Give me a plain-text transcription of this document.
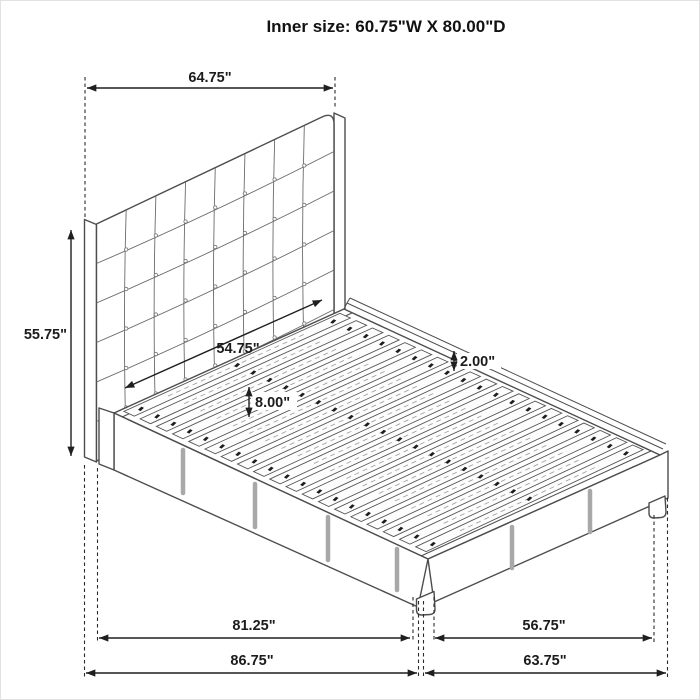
64.75"
55.75"
54.75"
2.00"
8.00"
81.25"
86.75"
56.75"
63.75"
Inner size: 60.75"W X 80.00"D
